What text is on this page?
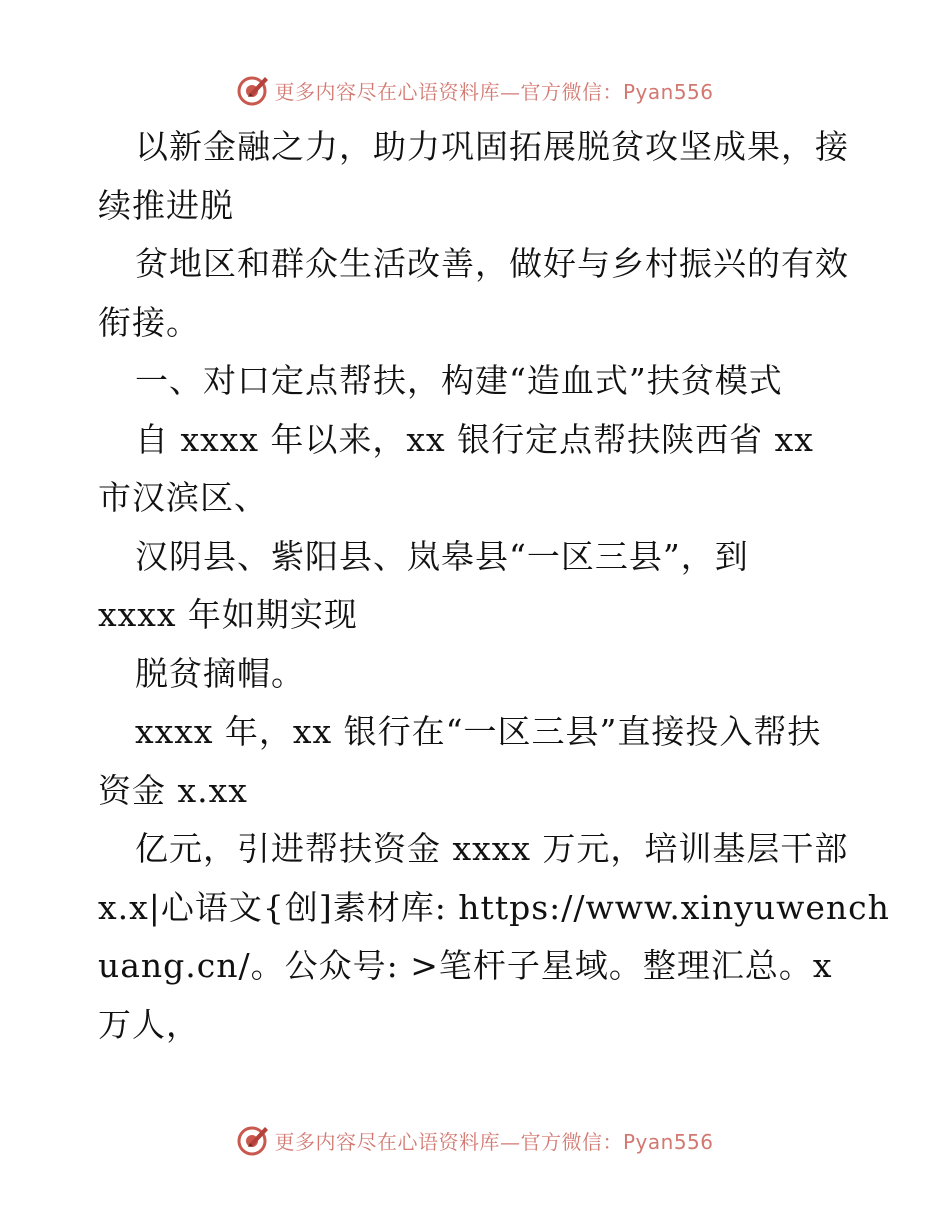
更多内容尽在心语资料库—官方微信：Pyan556
以新金融之力，助力巩固拓展脱贫攻坚成果，接
续推进脱
贫地区和群众生活改善，做好与乡村振兴的有效
衔接。
一、对口定点帮扶，构建“造血式”扶贫模式
自 xxxx 年以来，xx 银行定点帮扶陕西省 xx
市汉滨区、
汉阴县、紫阳县、岚皋县“一区三县”，到
xxxx 年如期实现
脱贫摘帽。
xxxx 年，xx 银行在“一区三县”直接投入帮扶
资金 x.xx
亿元，引进帮扶资金 xxxx 万元，培训基层干部
x.x|心语文{创]素材库: https://www.xinyuwench
uang.cn/。公众号: >笔杆子星域。整理汇总。x
万人，
更多内容尽在心语资料库—官方微信：Pyan556
